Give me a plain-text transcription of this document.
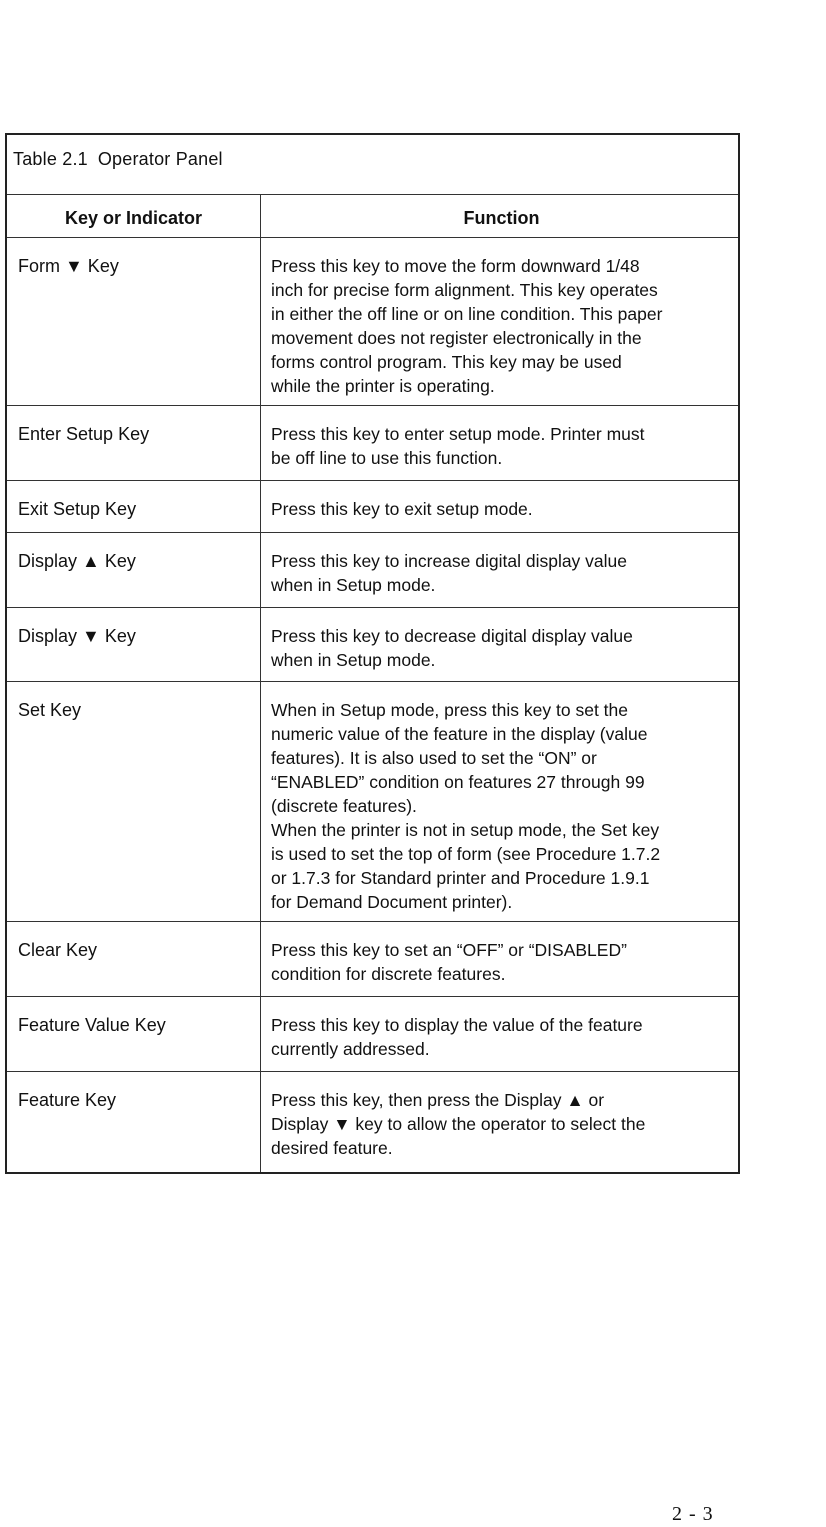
Table 2.1 Operator Panel
Key or Indicator	Function
Form ▼ Key	Press this key to move the form downward 1/48
inch for precise form alignment. This key operates
in either the off line or on line condition. This paper
movement does not register electronically in the
forms control program. This key may be used
while the printer is operating.
Enter Setup Key	Press this key to enter setup mode. Printer must
be off line to use this function.
Exit Setup Key	Press this key to exit setup mode.
Display ▲ Key	Press this key to increase digital display value
when in Setup mode.
Display ▼ Key	Press this key to decrease digital display value
when in Setup mode.
Set Key	When in Setup mode, press this key to set the
numeric value of the feature in the display (value
features). It is also used to set the “ON” or
“ENABLED” condition on features 27 through 99
(discrete features).
When the printer is not in setup mode, the Set key
is used to set the top of form (see Procedure 1.7.2
or 1.7.3 for Standard printer and Procedure 1.9.1
for Demand Document printer).
Clear Key	Press this key to set an “OFF” or “DISABLED”
condition for discrete features.
Feature Value Key	Press this key to display the value of the feature
currently addressed.
Feature Key	Press this key, then press the Display ▲ or
Display ▼ key to allow the operator to select the
desired feature.
2 - 3
